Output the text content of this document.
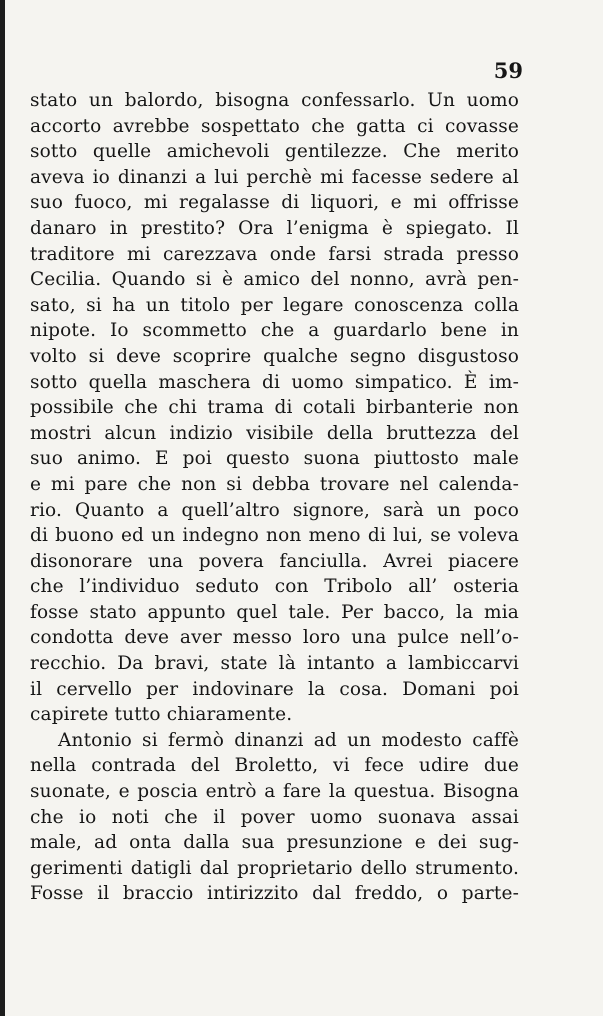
59
stato un balordo, bisogna confessarlo. Un uomo
accorto avrebbe sospettato che gatta ci covasse
sotto quelle amichevoli gentilezze. Che merito
aveva io dinanzi a lui perchè mi facesse sedere al
suo fuoco, mi regalasse di liquori, e mi offrisse
danaro in prestito? Ora l’enigma è spiegato. Il
traditore mi carezzava onde farsi strada presso
Cecilia. Quando si è amico del nonno, avrà pen-
sato, si ha un titolo per legare conoscenza colla
nipote. Io scommetto che a guardarlo bene in
volto si deve scoprire qualche segno disgustoso
sotto quella maschera di uomo simpatico. È im-
possibile che chi trama di cotali birbanterie non
mostri alcun indizio visibile della bruttezza del
suo animo. E poi questo suona piuttosto male
e mi pare che non si debba trovare nel calenda-
rio. Quanto a quell’altro signore, sarà un poco
di buono ed un indegno non meno di lui, se voleva
disonorare una povera fanciulla. Avrei piacere
che l’individuo seduto con Tribolo all’ osteria
fosse stato appunto quel tale. Per bacco, la mia
condotta deve aver messo loro una pulce nell’o-
recchio. Da bravi, state là intanto a lambiccarvi
il cervello per indovinare la cosa. Domani poi
capirete tutto chiaramente.
Antonio si fermò dinanzi ad un modesto caffè
nella contrada del Broletto, vi fece udire due
suonate, e poscia entrò a fare la questua. Bisogna
che io noti che il pover uomo suonava assai
male, ad onta dalla sua presunzione e dei sug-
gerimenti datigli dal proprietario dello strumento.
Fosse il braccio intirizzito dal freddo, o parte-
